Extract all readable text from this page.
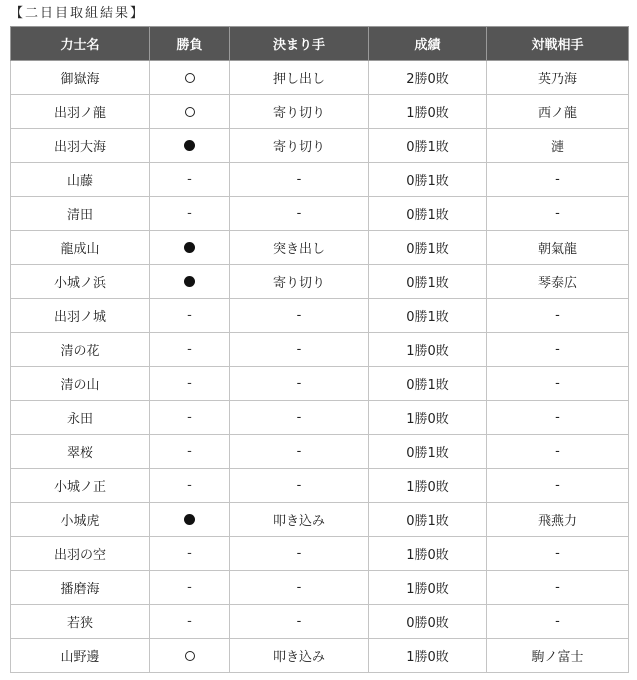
【二日目取組結果】
力士名	勝負	決まり手	成績	対戦相手
御嶽海		押し出し	2勝0敗	英乃海
出羽ノ龍		寄り切り	1勝0敗	西ノ龍
出羽大海		寄り切り	0勝1敗	漣
山藤	-	-	0勝1敗	-
清田	-	-	0勝1敗	-
龍成山		突き出し	0勝1敗	朝氣龍
小城ノ浜		寄り切り	0勝1敗	琴泰広
出羽ノ城	-	-	0勝1敗	-
清の花	-	-	1勝0敗	-
清の山	-	-	0勝1敗	-
永田	-	-	1勝0敗	-
翠桜	-	-	0勝1敗	-
小城ノ正	-	-	1勝0敗	-
小城虎		叩き込み	0勝1敗	飛燕力
出羽の空	-	-	1勝0敗	-
播磨海	-	-	1勝0敗	-
若狭	-	-	0勝0敗	-
山野邊		叩き込み	1勝0敗	駒ノ富士
